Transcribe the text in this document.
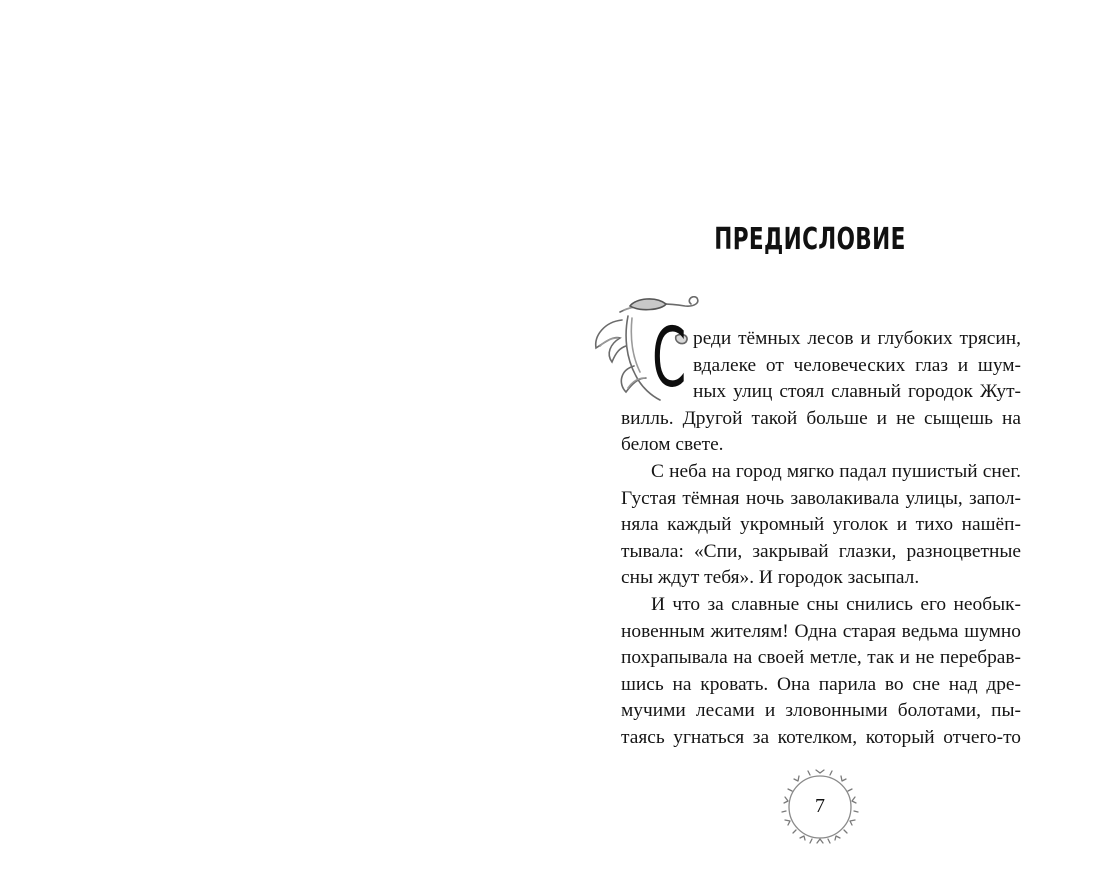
ПРЕДИСЛОВИЕ
С реди тёмных лесов и глубоких трясин,
вдалеке от человеческих глаз и шум-
ных улиц стоял славный городок Жут-
вилль. Другой такой больше и не сыщешь на
белом свете.
С неба на город мягко падал пушистый снег.
Густая тёмная ночь заволакивала улицы, запол-
няла каждый укромный уголок и тихо нашёп-
тывала: «Спи, закрывай глазки, разноцветные
сны ждут тебя». И городок засыпал.
И что за славные сны снились его необык-
новенным жителям! Одна старая ведьма шумно
похрапывала на своей метле, так и не перебрав-
шись на кровать. Она парила во сне над дре-
мучими лесами и зловонными болотами, пы-
таясь угнаться за котелком, который отчего-то
7
